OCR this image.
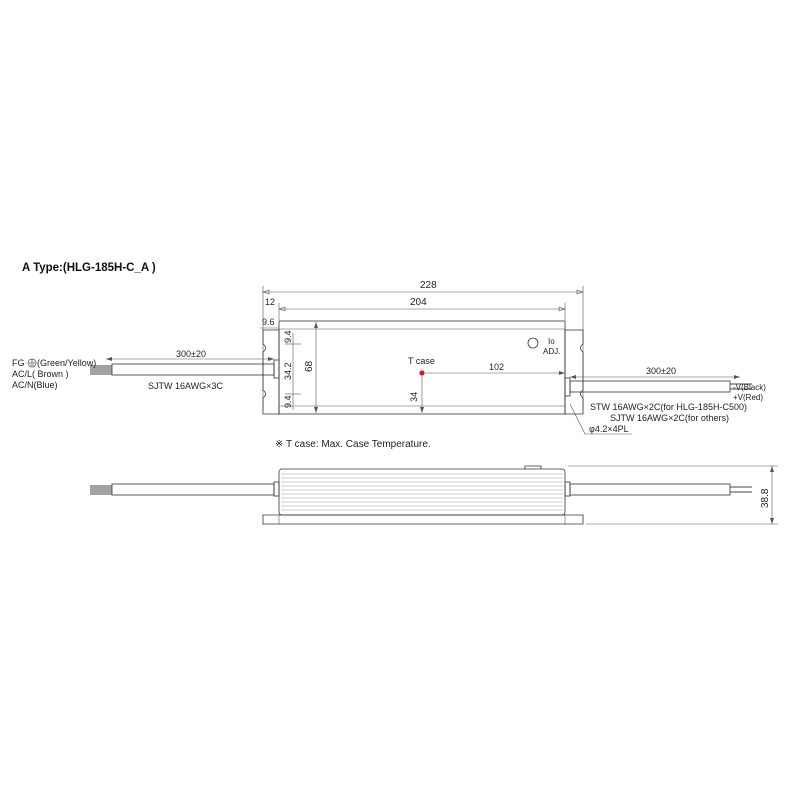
A Type:(HLG-185H-C_A )
228
204
12
9.6
68
9.4
34.2
9.4
T case
102
34
Io
ADJ.
300±20
SJTW 16AWG×3C
FG (Green/Yellow)
AC/L( Brown )
AC/N(Blue)
300±20
-V(Black)
+V(Red)
STW 16AWG×2C(for HLG-185H-C500)
SJTW 16AWG×2C(for others)
φ4.2×4PL
※ T case: Max. Case Temperature.
38.8
